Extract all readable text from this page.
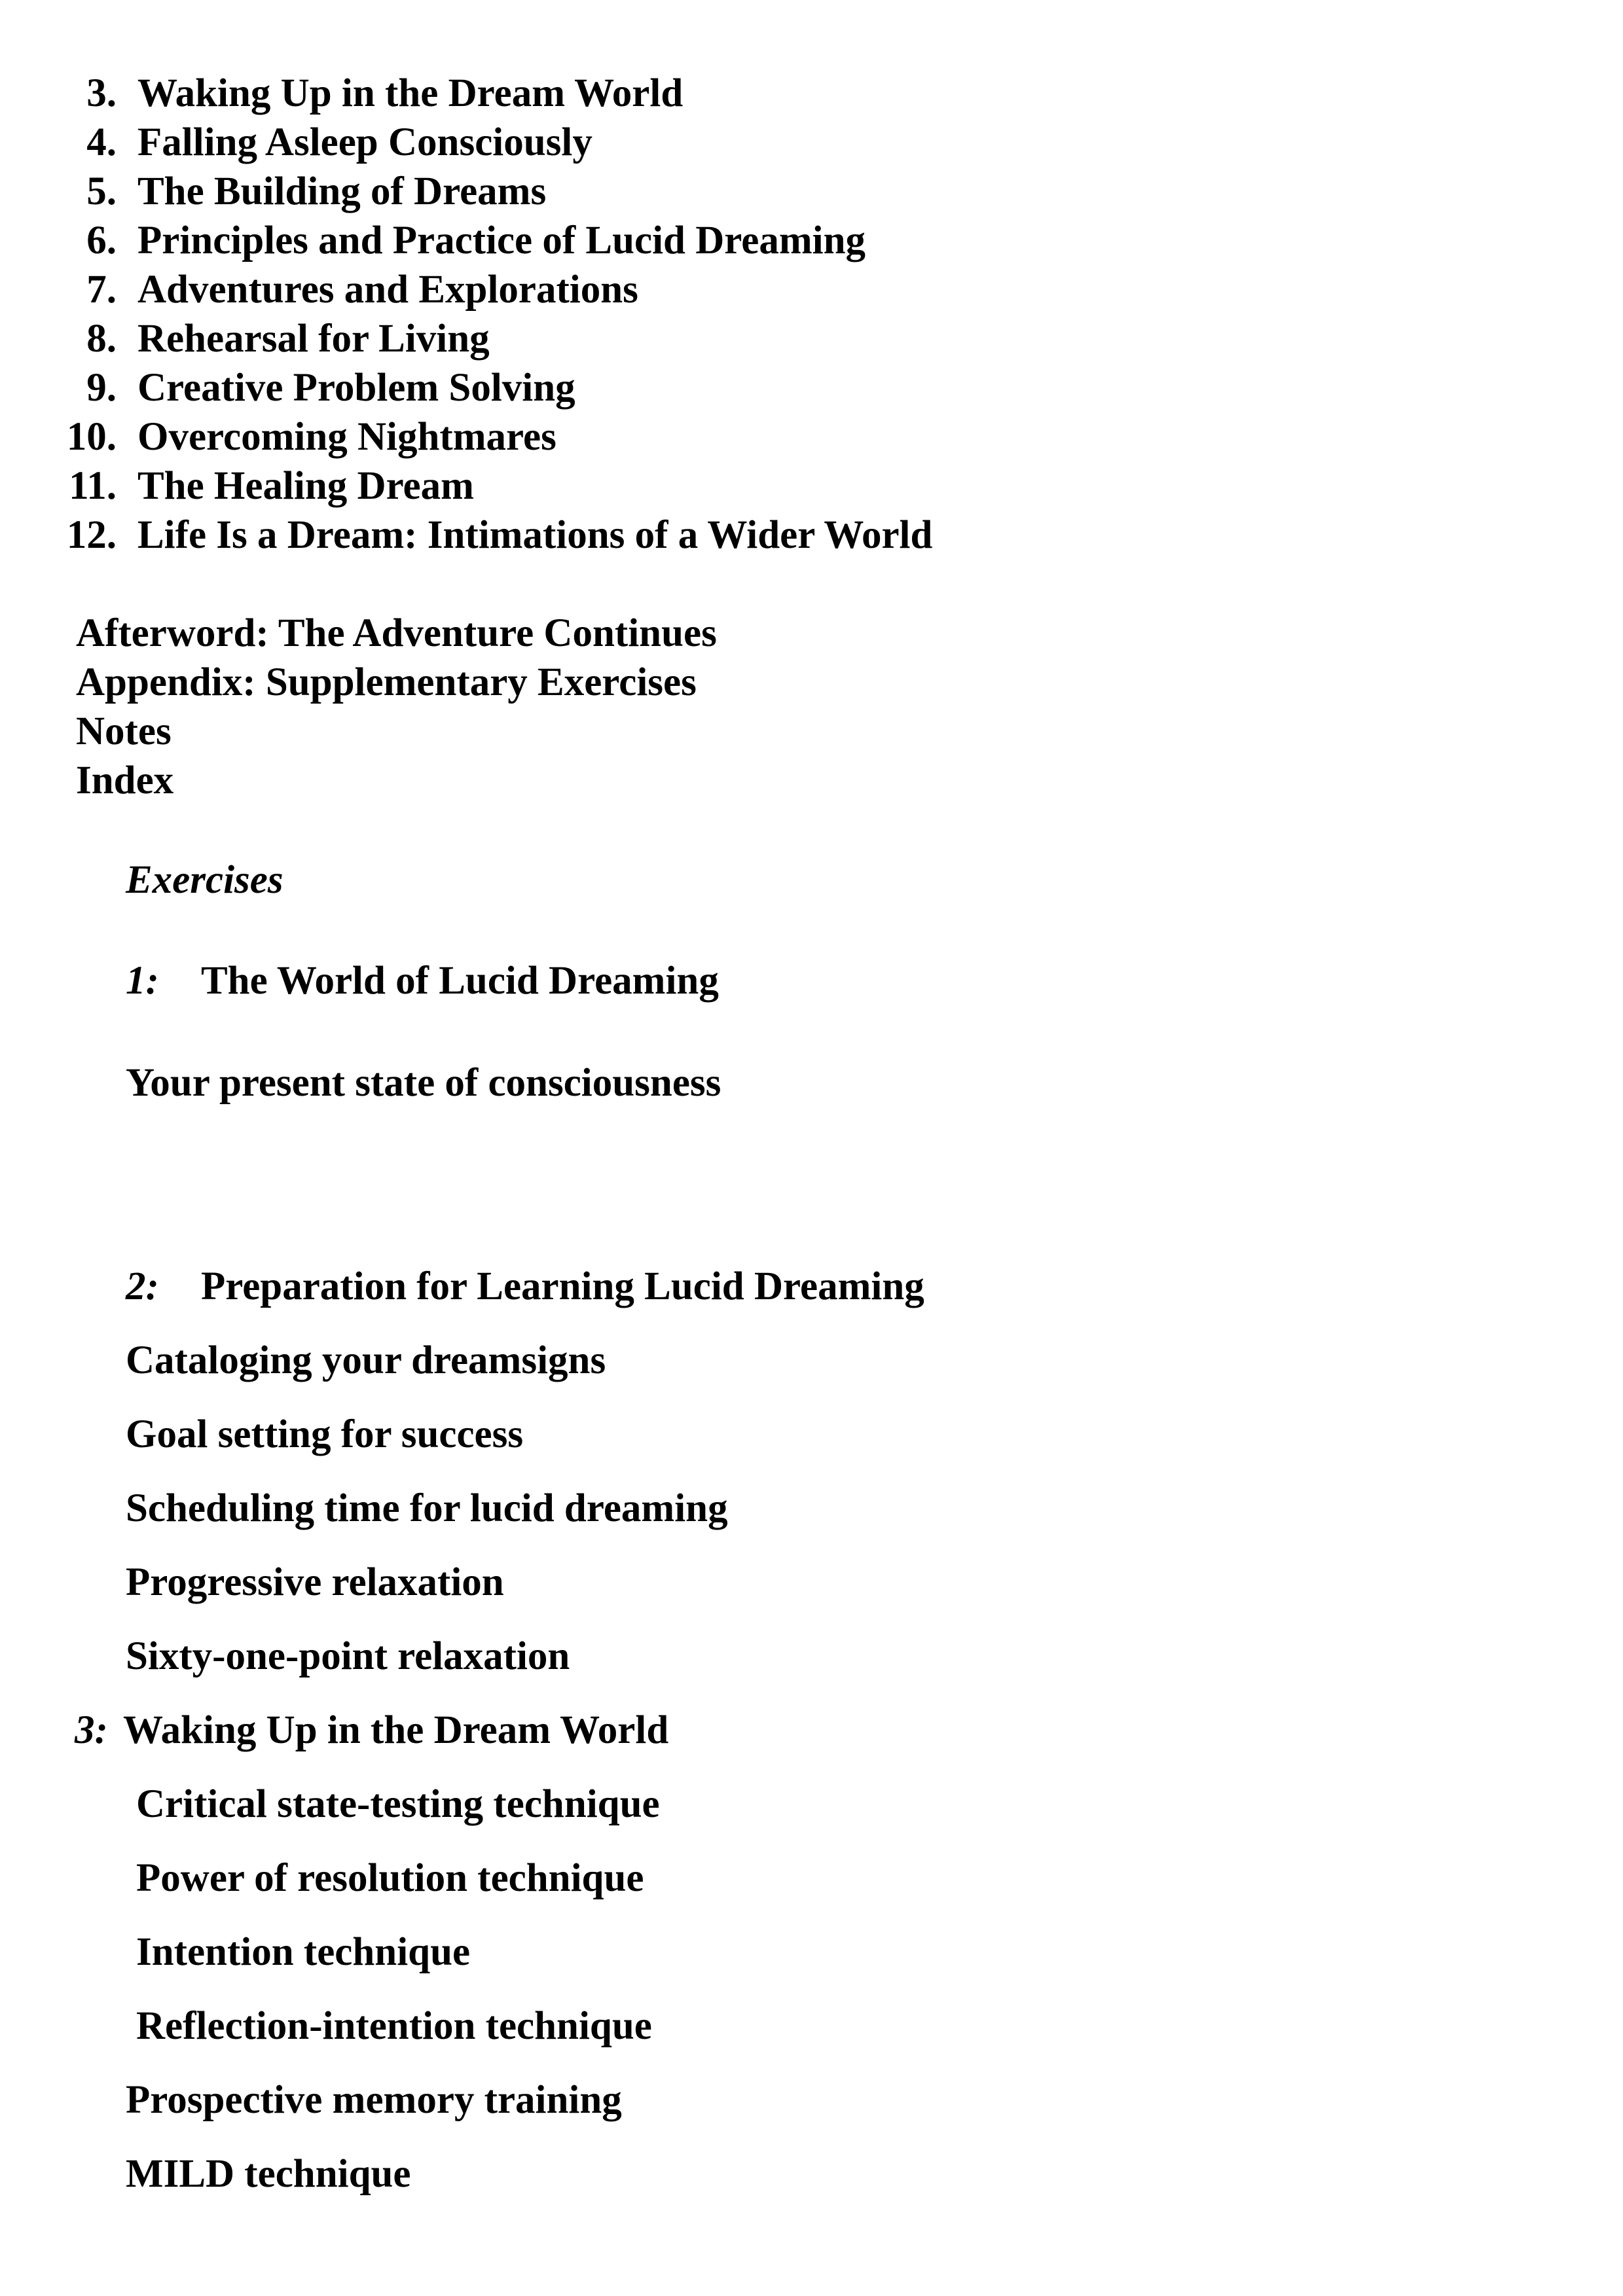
3. Waking Up in the Dream World
4. Falling Asleep Consciously
5. The Building of Dreams
6. Principles and Practice of Lucid Dreaming
7. Adventures and Explorations
8. Rehearsal for Living
9. Creative Problem Solving
10. Overcoming Nightmares
11. The Healing Dream
12. Life Is a Dream: Intimations of a Wider World
Afterword: The Adventure Continues
Appendix: Supplementary Exercises
Notes
Index
Exercises
1: The World of Lucid Dreaming
Your present state of consciousness
2: Preparation for Learning Lucid Dreaming
Cataloging your dreamsigns
Goal setting for success
Scheduling time for lucid dreaming
Progressive relaxation
Sixty-one-point relaxation
3: Waking Up in the Dream World
Critical state-testing technique
Power of resolution technique
Intention technique
Reflection-intention technique
Prospective memory training
MILD technique
